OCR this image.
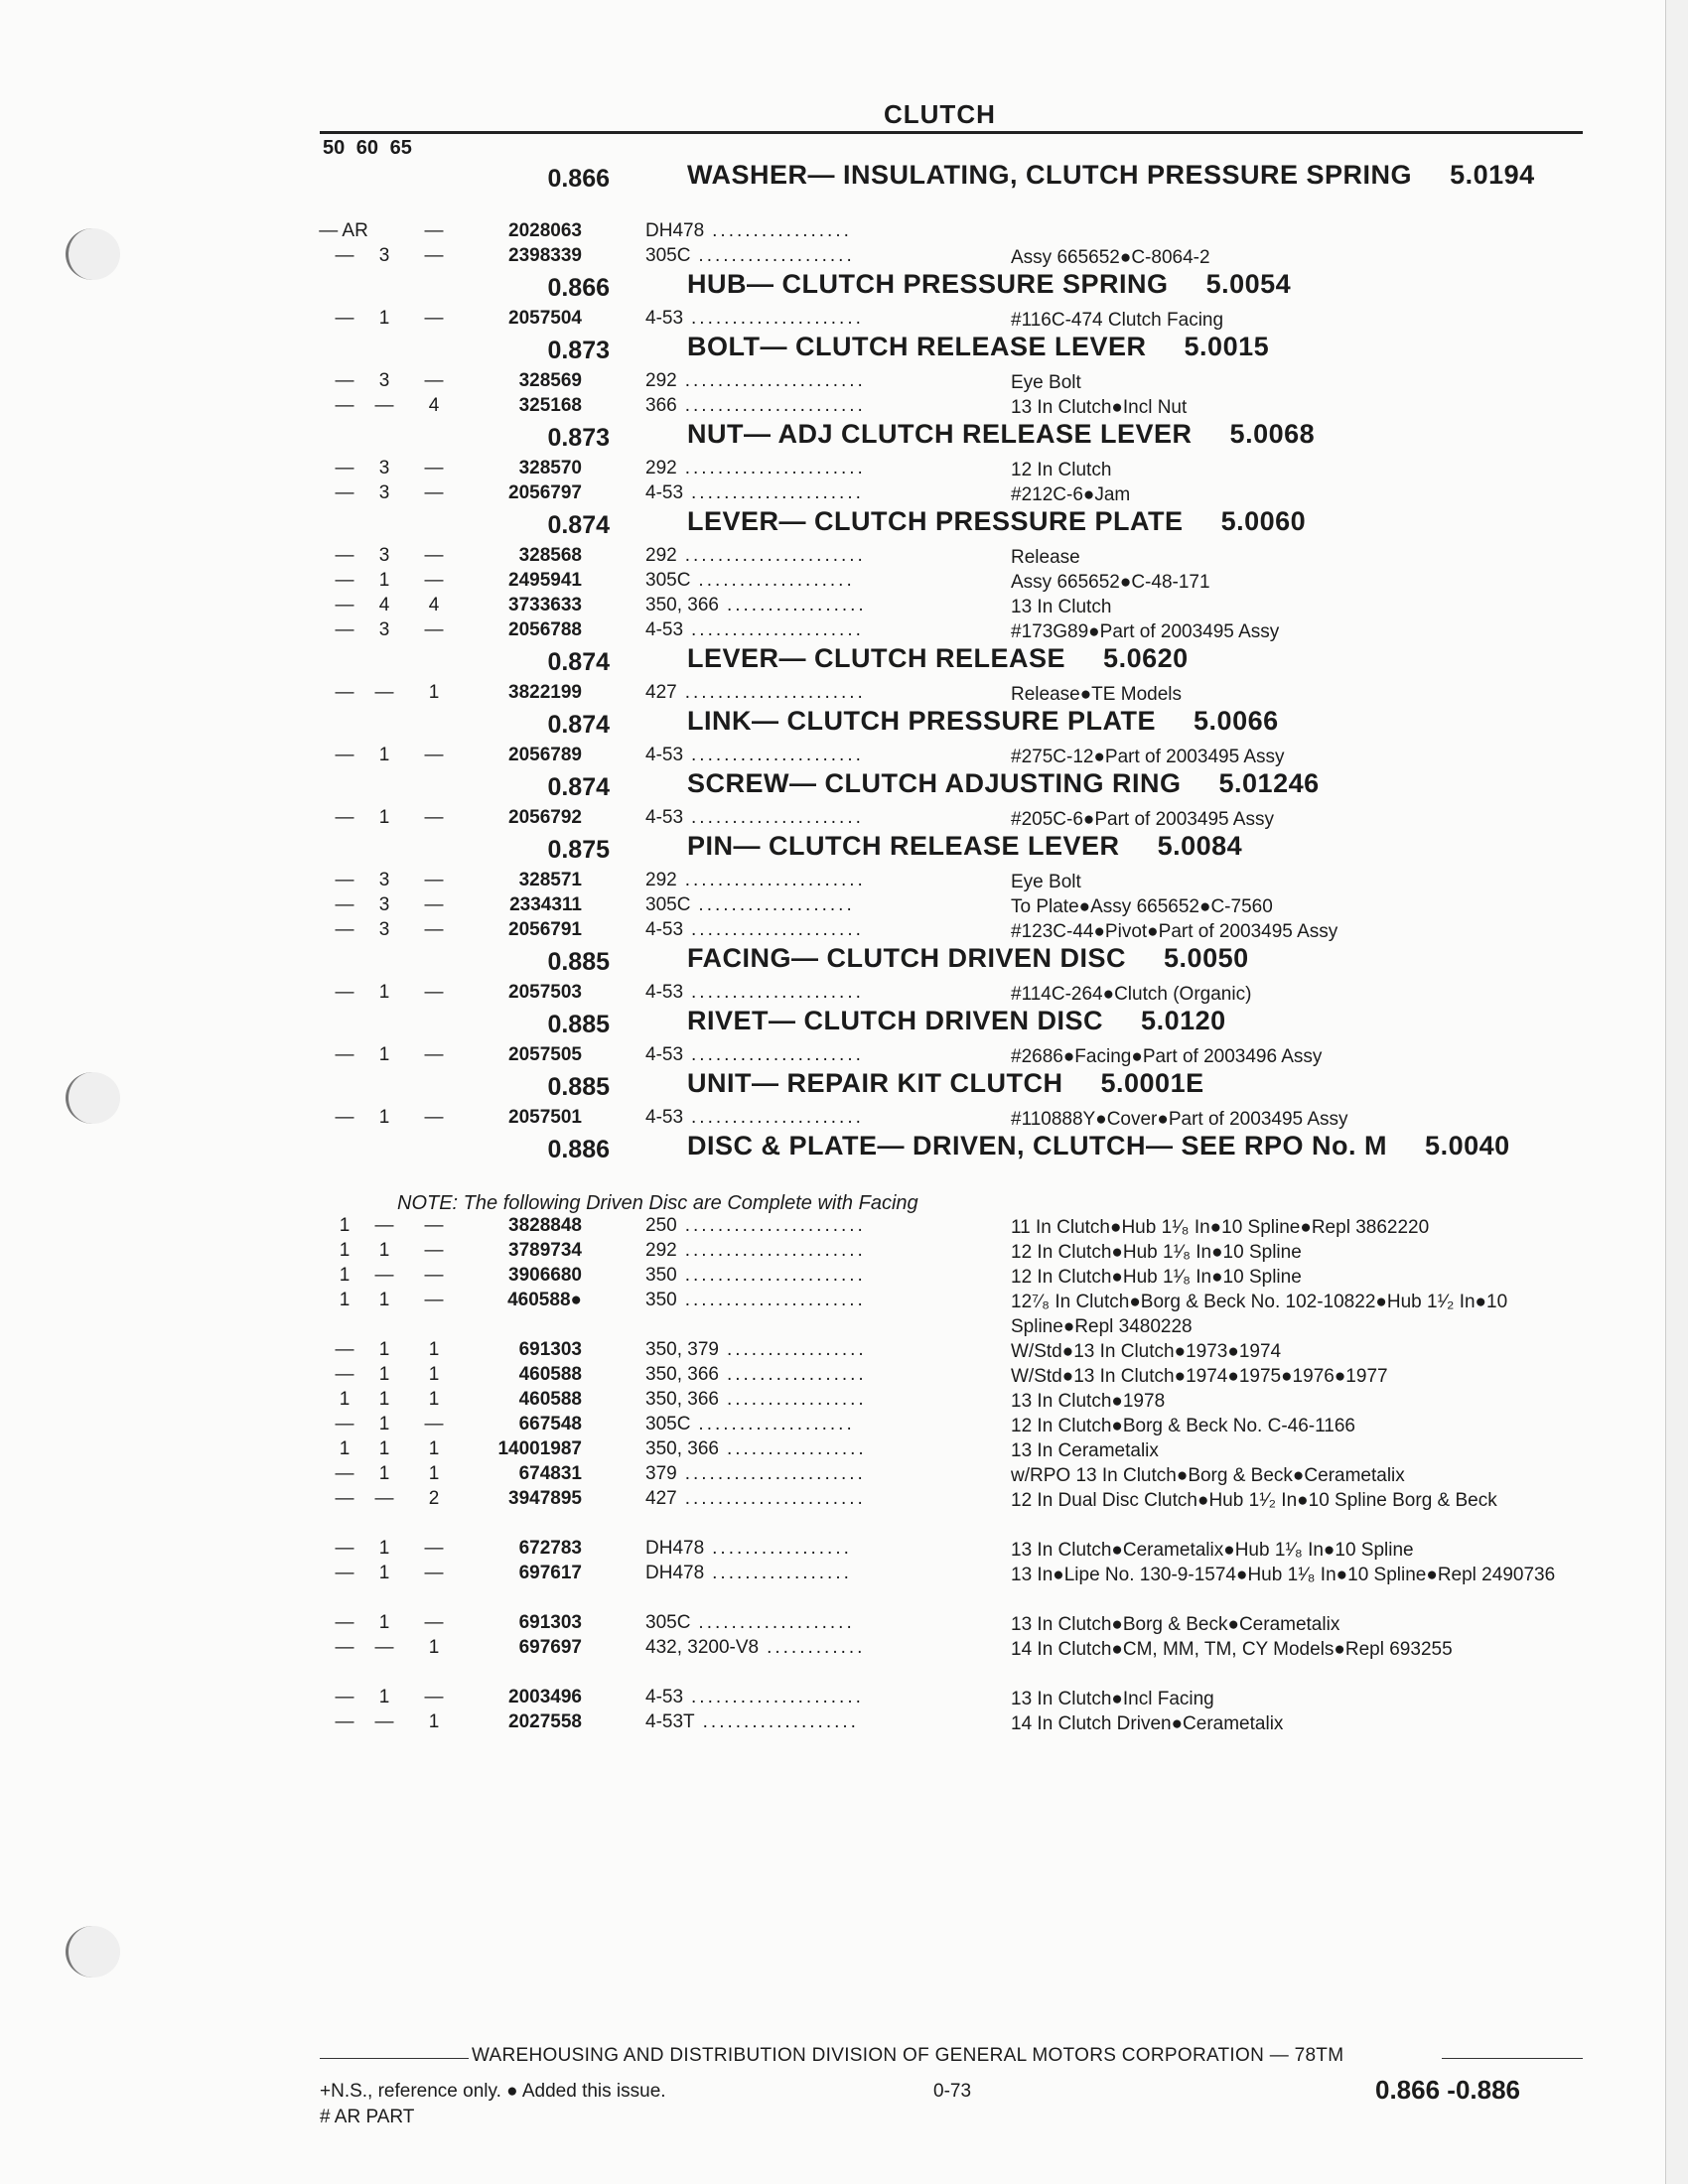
CLUTCH
50 60 65
0.866	WASHER— INSULATING, CLUTCH PRESSURE SPRING 5.0194
— AR	—	2028063	DH478 .................
—	3	—	2398339	305C ...................	Assy 665652●C-8064-2
0.866	HUB— CLUTCH PRESSURE SPRING 5.0054
—	1	—	2057504	4-53 .....................	#116C-474 Clutch Facing
0.873	BOLT— CLUTCH RELEASE LEVER 5.0015
—	3	—	328569	292 ......................	Eye Bolt
—	—	4	325168	366 ......................	13 In Clutch●Incl Nut
0.873	NUT— ADJ CLUTCH RELEASE LEVER 5.0068
—	3	—	328570	292 ......................	12 In Clutch
—	3	—	2056797	4-53 .....................	#212C-6●Jam
0.874	LEVER— CLUTCH PRESSURE PLATE 5.0060
—	3	—	328568	292 ......................	Release
—	1	—	2495941	305C ...................	Assy 665652●C-48-171
—	4	4	3733633	350, 366 .................	13 In Clutch
—	3	—	2056788	4-53 .....................	#173G89●Part of 2003495 Assy
0.874	LEVER— CLUTCH RELEASE 5.0620
—	—	1	3822199	427 ......................	Release●TE Models
0.874	LINK— CLUTCH PRESSURE PLATE 5.0066
—	1	—	2056789	4-53 .....................	#275C-12●Part of 2003495 Assy
0.874	SCREW— CLUTCH ADJUSTING RING 5.01246
—	1	—	2056792	4-53 .....................	#205C-6●Part of 2003495 Assy
0.875	PIN— CLUTCH RELEASE LEVER 5.0084
—	3	—	328571	292 ......................	Eye Bolt
—	3	—	2334311	305C ...................	To Plate●Assy 665652●C-7560
—	3	—	2056791	4-53 .....................	#123C-44●Pivot●Part of 2003495 Assy
0.885	FACING— CLUTCH DRIVEN DISC 5.0050
—	1	—	2057503	4-53 .....................	#114C-264●Clutch (Organic)
0.885	RIVET— CLUTCH DRIVEN DISC 5.0120
—	1	—	2057505	4-53 .....................	#2686●Facing●Part of 2003496 Assy
0.885	UNIT— REPAIR KIT CLUTCH 5.0001E
—	1	—	2057501	4-53 .....................	#110888Y●Cover●Part of 2003495 Assy
0.886	DISC & PLATE— DRIVEN, CLUTCH— SEE RPO No. M 5.0040
NOTE: The following Driven Disc are Complete with Facing
1	—	—	3828848	250 ......................	11 In Clutch●Hub 1¹⁄₈ In●10 Spline●Repl 3862220
1	1	—	3789734	292 ......................	12 In Clutch●Hub 1¹⁄₈ In●10 Spline
1	—	—	3906680	350 ......................	12 In Clutch●Hub 1¹⁄₈ In●10 Spline
1	1	—	460588●	350 ......................	12⁷⁄₈ In Clutch●Borg & Beck No. 102-10822●Hub 1¹⁄₂ In●10 Spline●Repl 3480228
—	1	1	691303	350, 379 .................	W/Std●13 In Clutch●1973●1974
—	1	1	460588	350, 366 .................	W/Std●13 In Clutch●1974●1975●1976●1977
1	1	1	460588	350, 366 .................	13 In Clutch●1978
—	1	—	667548	305C ...................	12 In Clutch●Borg & Beck No. C-46-1166
1	1	1	14001987	350, 366 .................	13 In Cerametalix
—	1	1	674831	379 ......................	w/RPO 13 In Clutch●Borg & Beck●Cerametalix
—	—	2	3947895	427 ......................	12 In Dual Disc Clutch●Hub 1¹⁄₂ In●10 Spline Borg & Beck
—	1	—	672783	DH478 .................	13 In Clutch●Cerametalix●Hub 1¹⁄₈ In●10 Spline
—	1	—	697617	DH478 .................	13 In●Lipe No. 130-9-1574●Hub 1¹⁄₈ In●10 Spline●Repl 2490736
—	1	—	691303	305C ...................	13 In Clutch●Borg & Beck●Cerametalix
—	—	1	697697	432, 3200-V8 ............	14 In Clutch●CM, MM, TM, CY Models●Repl 693255
—	1	—	2003496	4-53 .....................	13 In Clutch●Incl Facing
—	—	1	2027558	4-53T ...................	14 In Clutch Driven●Cerametalix
WAREHOUSING AND DISTRIBUTION DIVISION OF GENERAL MOTORS CORPORATION — 78TM
+N.S., reference only. ● Added this issue.	0-73	0.866 -0.886
# AR PART
